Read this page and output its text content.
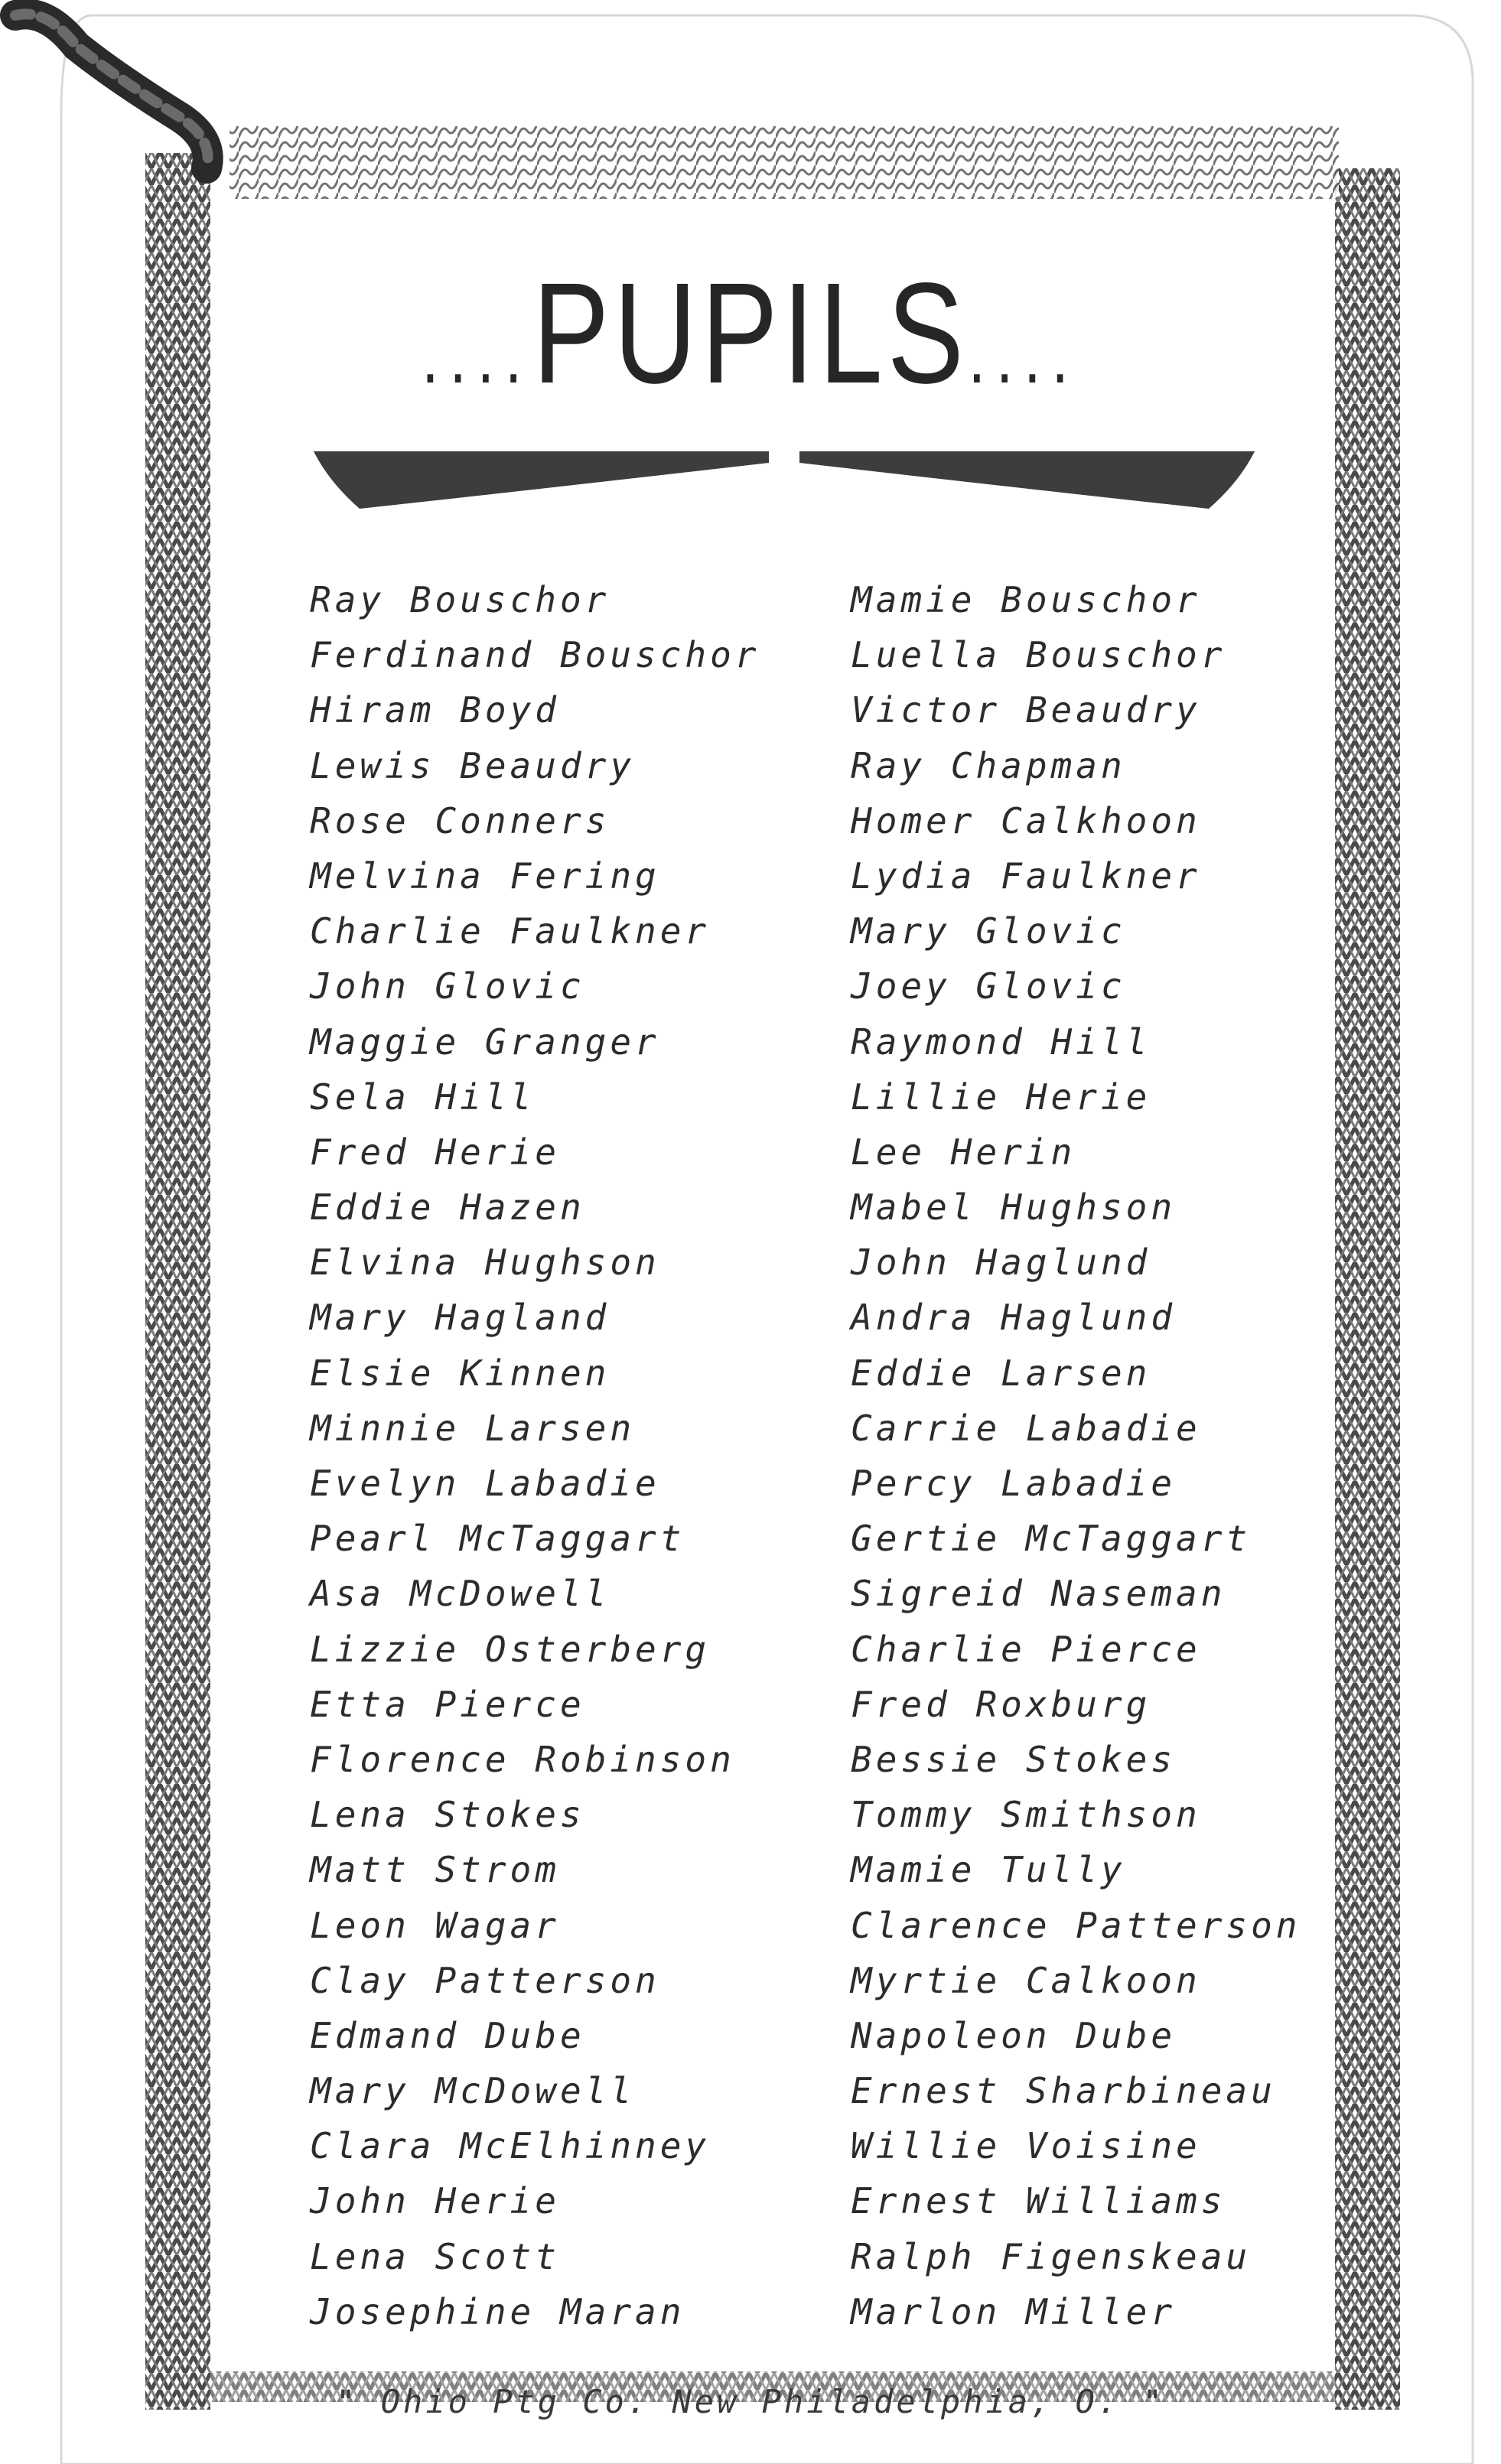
....PUPILS....
Ray Bouschor
Ferdinand Bouschor
Hiram Boyd
Lewis Beaudry
Rose Conners
Melvina Fering
Charlie Faulkner
John Glovic
Maggie Granger
Sela Hill
Fred Herie
Eddie Hazen
Elvina Hughson
Mary Hagland
Elsie Kinnen
Minnie Larsen
Evelyn Labadie
Pearl McTaggart
Asa McDowell
Lizzie Osterberg
Etta Pierce
Florence Robinson
Lena Stokes
Matt Strom
Leon Wagar
Clay Patterson
Edmand Dube
Mary McDowell
Clara McElhinney
John Herie
Lena Scott
Josephine Maran
Mamie Bouschor
Luella Bouschor
Victor Beaudry
Ray Chapman
Homer Calkhoon
Lydia Faulkner
Mary Glovic
Joey Glovic
Raymond Hill
Lillie Herie
Lee Herin
Mabel Hughson
John Haglund
Andra Haglund
Eddie Larsen
Carrie Labadie
Percy Labadie
Gertie McTaggart
Sigreid Naseman
Charlie Pierce
Fred Roxburg
Bessie Stokes
Tommy Smithson
Mamie Tully
Clarence Patterson
Myrtie Calkoon
Napoleon Dube
Ernest Sharbineau
Willie Voisine
Ernest Williams
Ralph Figenskeau
Marlon Miller
" Ohio Ptg Co. New Philadelphia, O. "
